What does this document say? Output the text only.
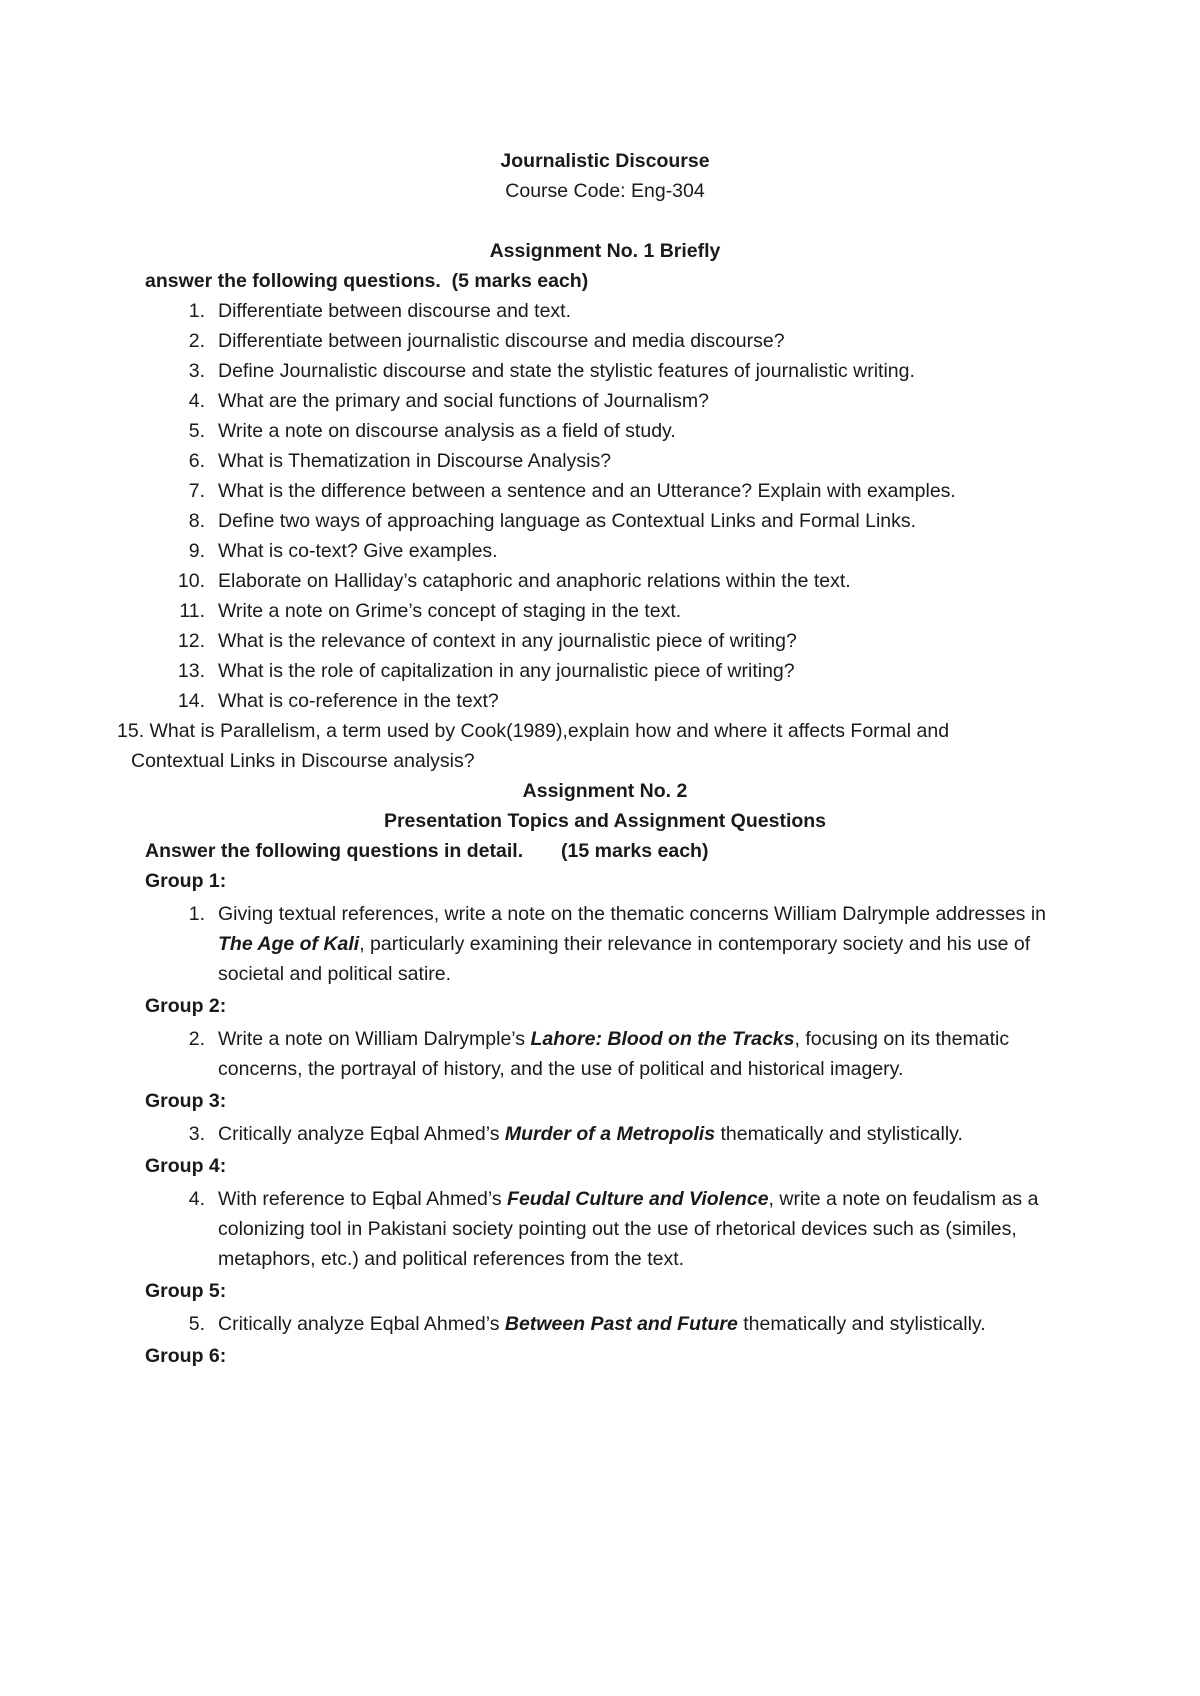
Journalistic Discourse
Course Code: Eng-304
Assignment No. 1 Briefly
answer the following questions.  (5 marks each)
1. Differentiate between discourse and text.
2. Differentiate between journalistic discourse and media discourse?
3. Define Journalistic discourse and state the stylistic features of journalistic writing.
4. What are the primary and social functions of Journalism?
5. Write a note on discourse analysis as a field of study.
6. What is Thematization in Discourse Analysis?
7. What is the difference between a sentence and an Utterance? Explain with examples.
8. Define two ways of approaching language as Contextual Links and Formal Links.
9. What is co-text? Give examples.
10. Elaborate on Halliday’s cataphoric and anaphoric relations within the text.
11. Write a note on Grime’s concept of staging in the text.
12. What is the relevance of context in any journalistic piece of writing?
13. What is the role of capitalization in any journalistic piece of writing?
14. What is co-reference in the text?
15. What is Parallelism, a term used by Cook(1989),explain how and where it affects Formal and Contextual Links in Discourse analysis?
Assignment No. 2
Presentation Topics and Assignment Questions
Answer the following questions in detail.       (15 marks each)
Group 1:
1. Giving textual references, write a note on the thematic concerns William Dalrymple addresses in The Age of Kali, particularly examining their relevance in contemporary society and his use of societal and political satire.
Group 2:
2. Write a note on William Dalrymple’s Lahore: Blood on the Tracks, focusing on its thematic concerns, the portrayal of history, and the use of political and historical imagery.
Group 3:
3. Critically analyze Eqbal Ahmed’s Murder of a Metropolis thematically and stylistically.
Group 4:
4. With reference to Eqbal Ahmed’s Feudal Culture and Violence, write a note on feudalism as a colonizing tool in Pakistani society pointing out the use of rhetorical devices such as (similes, metaphors, etc.) and political references from the text.
Group 5:
5. Critically analyze Eqbal Ahmed’s Between Past and Future thematically and stylistically.
Group 6:
